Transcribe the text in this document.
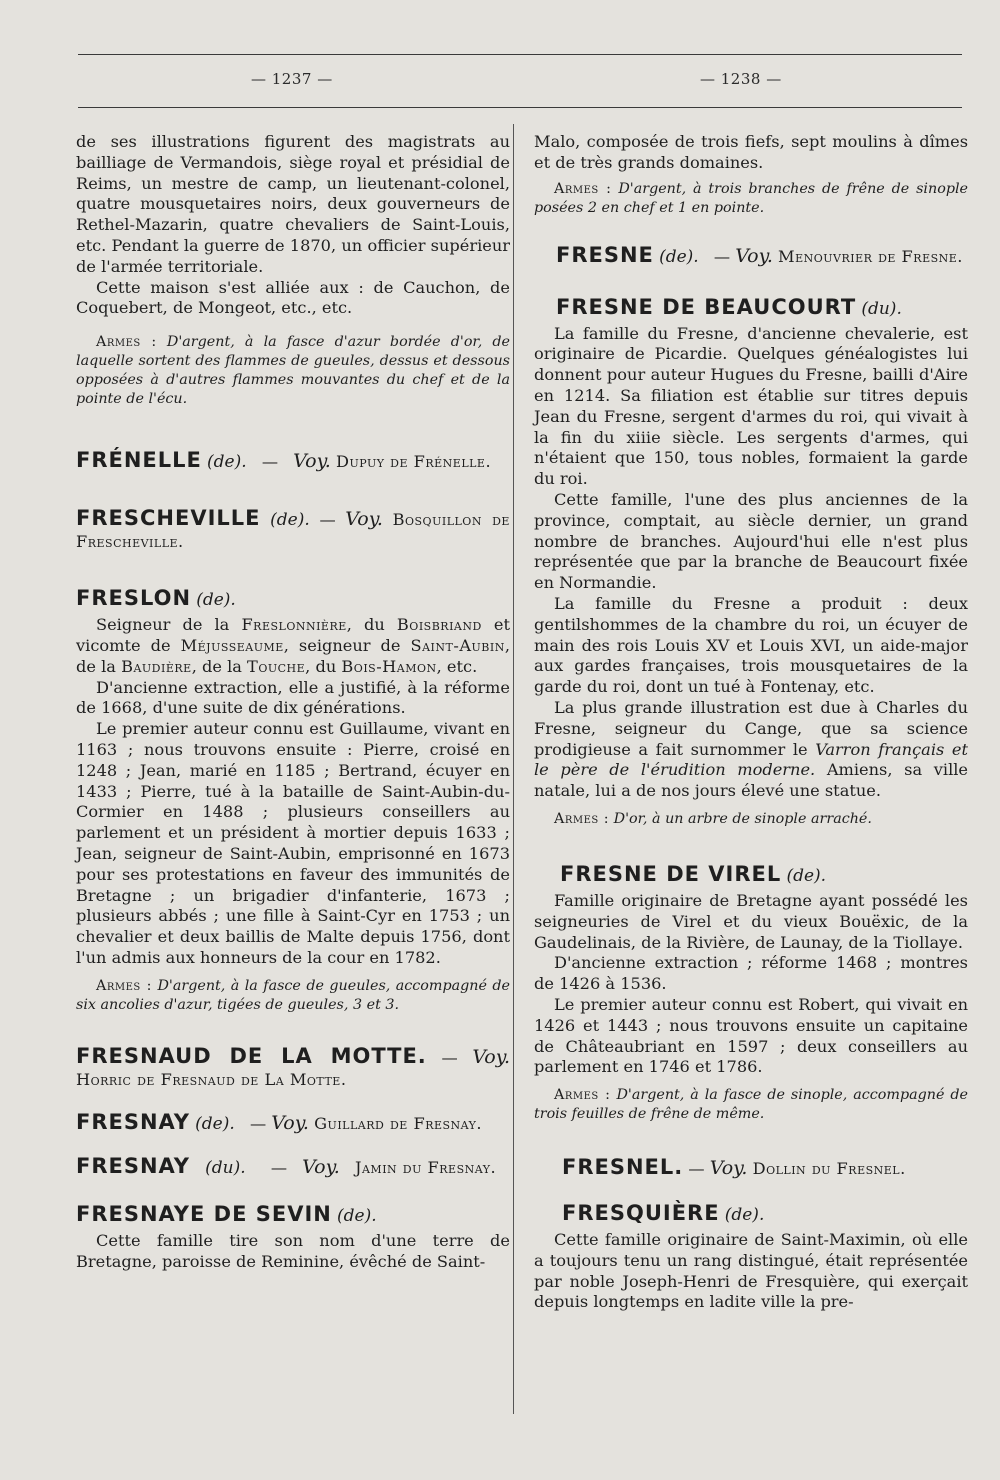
— 1237 —	— 1238 —

de ses illustrations figurent des magistrats au bailliage de Vermandois, siège royal et présidial de Reims, un mestre de camp, un lieutenant-colonel, quatre mousquetaires noirs, deux gouverneurs de Rethel-Mazarin, quatre chevaliers de Saint-Louis, etc. Pendant la guerre de 1870, un officier supérieur de l'armée territoriale.

Cette maison s'est alliée aux : de Cauchon, de Coquebert, de Mongeot, etc., etc.

Armes : D'argent, à la fasce d'azur bordée d'or, de laquelle sortent des flammes de gueules, dessus et dessous opposées à d'autres flammes mouvantes du chef et de la pointe de l'écu.

FRÉNELLE (de). — Voy. Dupuy de Frénelle.
FRESCHEVILLE (de). — Voy. Bosquillon de Frescheville.
FRESLON (de).

Seigneur de la Freslonnière, du Boisbriand et vicomte de Méjusseaume, seigneur de Saint-Aubin, de la Baudière, de la Touche, du Bois-Hamon, etc.

D'ancienne extraction, elle a justifié, à la réforme de 1668, d'une suite de dix générations.

Le premier auteur connu est Guillaume, vivant en 1163 ; nous trouvons ensuite : Pierre, croisé en 1248 ; Jean, marié en 1185 ; Bertrand, écuyer en 1433 ; Pierre, tué à la bataille de Saint-Aubin-du-Cormier en 1488 ; plusieurs conseillers au parlement et un président à mortier depuis 1633 ; Jean, seigneur de Saint-Aubin, emprisonné en 1673 pour ses protestations en faveur des immunités de Bretagne ; un brigadier d'infanterie, 1673 ; plusieurs abbés ; une fille à Saint-Cyr en 1753 ; un chevalier et deux baillis de Malte depuis 1756, dont l'un admis aux honneurs de la cour en 1782.

Armes : D'argent, à la fasce de gueules, accompagné de six ancolies d'azur, tigées de gueules, 3 et 3.

FRESNAUD DE LA MOTTE. — Voy. Horric de Fresnaud de La Motte.
FRESNAY (de). — Voy. Guillard de Fresnay.
FRESNAY (du). — Voy. Jamin du Fresnay.
FRESNAYE DE SEVIN (de).

Cette famille tire son nom d'une terre de Bretagne, paroisse de Reminine, évêché de Saint-

Malo, composée de trois fiefs, sept moulins à dîmes et de très grands domaines.

Armes : D'argent, à trois branches de frêne de sinople posées 2 en chef et 1 en pointe.

FRESNE (de). — Voy. Menouvrier de Fresne.
FRESNE DE BEAUCOURT (du).

La famille du Fresne, d'ancienne chevalerie, est originaire de Picardie. Quelques généalogistes lui donnent pour auteur Hugues du Fresne, bailli d'Aire en 1214. Sa filiation est établie sur titres depuis Jean du Fresne, sergent d'armes du roi, qui vivait à la fin du xiiie siècle. Les sergents d'armes, qui n'étaient que 150, tous nobles, formaient la garde du roi.

Cette famille, l'une des plus anciennes de la province, comptait, au siècle dernier, un grand nombre de branches. Aujourd'hui elle n'est plus représentée que par la branche de Beaucourt fixée en Normandie.

La famille du Fresne a produit : deux gentilshommes de la chambre du roi, un écuyer de main des rois Louis XV et Louis XVI, un aide-major aux gardes françaises, trois mousquetaires de la garde du roi, dont un tué à Fontenay, etc.

La plus grande illustration est due à Charles du Fresne, seigneur du Cange, que sa science prodigieuse a fait surnommer le Varron français et le père de l'érudition moderne. Amiens, sa ville natale, lui a de nos jours élevé une statue.

Armes : D'or, à un arbre de sinople arraché.

FRESNE DE VIREL (de).

Famille originaire de Bretagne ayant possédé les seigneuries de Virel et du vieux Bouëxic, de la Gaudelinais, de la Rivière, de Launay, de la Tiollaye.

D'ancienne extraction ; réforme 1468 ; montres de 1426 à 1536.

Le premier auteur connu est Robert, qui vivait en 1426 et 1443 ; nous trouvons ensuite un capitaine de Châteaubriant en 1597 ; deux conseillers au parlement en 1746 et 1786.

Armes : D'argent, à la fasce de sinople, accompagné de trois feuilles de frêne de même.

FRESNEL. — Voy. Dollin du Fresnel.
FRESQUIÈRE (de).

Cette famille originaire de Saint-Maximin, où elle a toujours tenu un rang distingué, était représentée par noble Joseph-Henri de Fresquière, qui exerçait depuis longtemps en ladite ville la pre-
